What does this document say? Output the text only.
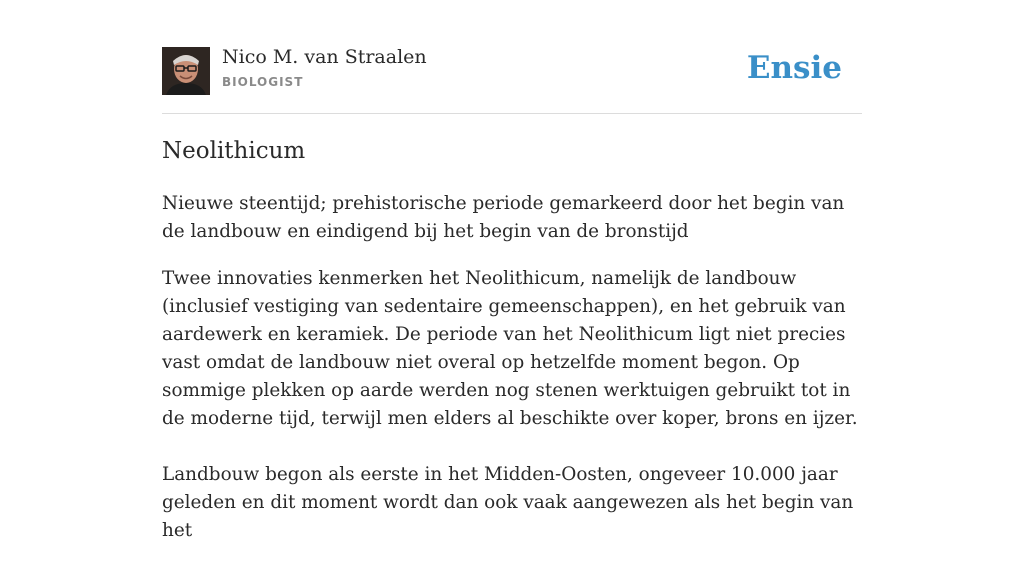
Nico M. van Straalen
BIOLOGIST	Ensie
Neolithicum

Nieuwe steentijd; prehistorische periode gemarkeerd door het begin van de landbouw en eindigend bij het begin van de bronstijd

Twee innovaties kenmerken het Neolithicum, namelijk de landbouw (inclusief vestiging van sedentaire gemeenschappen), en het gebruik van aardewerk en keramiek. De periode van het Neolithicum ligt niet precies vast omdat de landbouw niet overal op hetzelfde moment begon. Op sommige plekken op aarde werden nog stenen werktuigen gebruikt tot in de moderne tijd, terwijl men elders al beschikte over koper, brons en ijzer.

Landbouw begon als eerste in het Midden-Oosten, ongeveer 10.000 jaar geleden en dit moment wordt dan ook vaak aangewezen als het begin van het
